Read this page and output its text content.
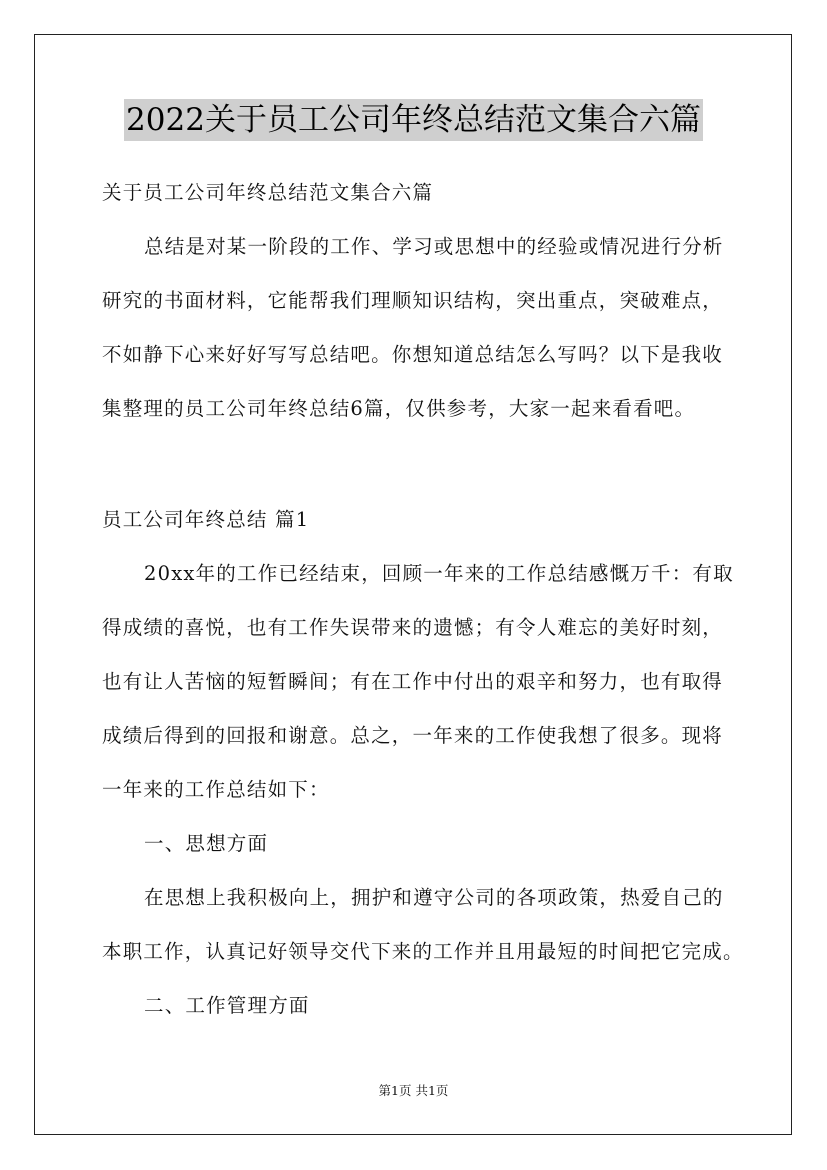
2022关于员工公司年终总结范文集合六篇
关于员工公司年终总结范文集合六篇
总结是对某一阶段的工作、学习或思想中的经验或情况进行分析
研究的书面材料，它能帮我们理顺知识结构，突出重点，突破难点，
不如静下心来好好写写总结吧。你想知道总结怎么写吗？以下是我收
集整理的员工公司年终总结6篇，仅供参考，大家一起来看看吧。
员工公司年终总结 篇1
20xx年的工作已经结束，回顾一年来的工作总结感慨万千：有取
得成绩的喜悦，也有工作失误带来的遗憾；有令人难忘的美好时刻，
也有让人苦恼的短暂瞬间；有在工作中付出的艰辛和努力，也有取得
成绩后得到的回报和谢意。总之，一年来的工作使我想了很多。现将
一年来的工作总结如下：
一、思想方面
在思想上我积极向上，拥护和遵守公司的各项政策，热爱自己的
本职工作，认真记好领导交代下来的工作并且用最短的时间把它完成。
二、工作管理方面
第1页 共1页
